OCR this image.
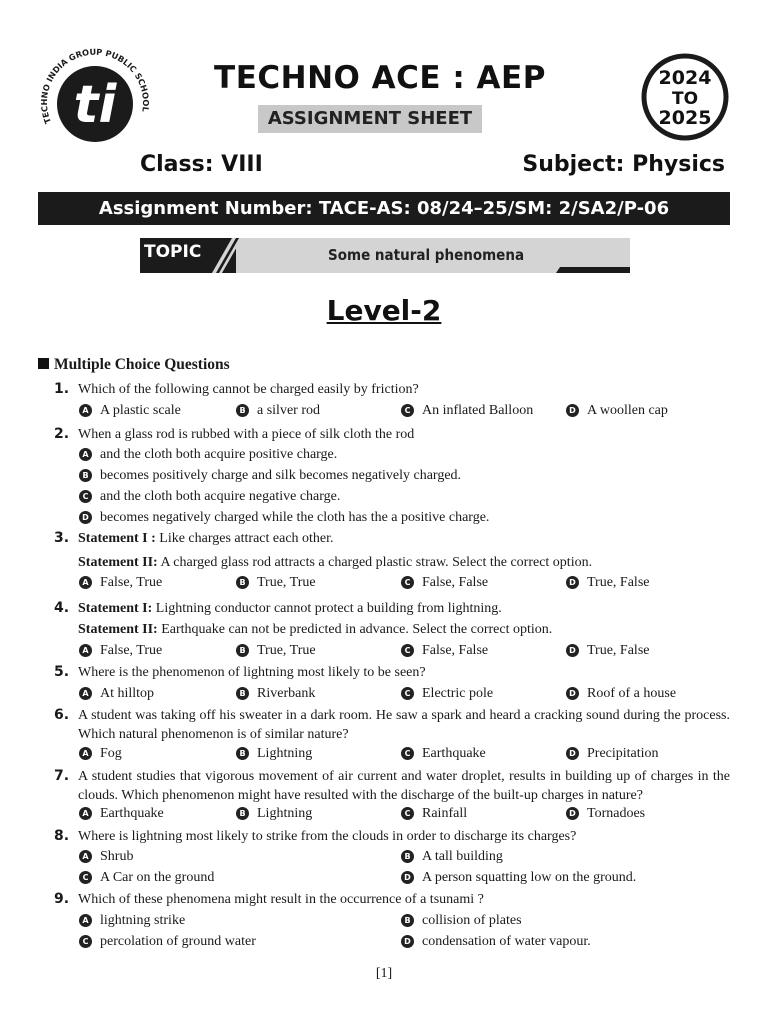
ti
TECHNO INDIA GROUP PUBLIC SCHOOL
TECHNO ACE : AEP
ASSIGNMENT SHEET
2024
TO
2025
Class: VIII	Subject: Physics
Assignment Number: TACE-AS: 08/24–25/SM: 2/SA2/P-06
TOPIC	Some natural phenomena
Level-2
Multiple Choice Questions
1. Which of the following cannot be charged easily by friction?
A A plastic scale	B a silver rod	C An inflated Balloon	D A woollen cap
2. When a glass rod is rubbed with a piece of silk cloth the rod
A and the cloth both acquire positive charge.
B becomes positively charge and silk becomes negatively charged.
C and the cloth both acquire negative charge.
D becomes negatively charged while the cloth has the a positive charge.
3. Statement I : Like charges attract each other.
Statement II: A charged glass rod attracts a charged plastic straw. Select the correct option.
A False, True	B True, True	C False, False	D True, False
4. Statement I: Lightning conductor cannot protect a building from lightning.
Statement II: Earthquake can not be predicted in advance. Select the correct option.
A False, True	B True, True	C False, False	D True, False
5. Where is the phenomenon of lightning most likely to be seen?
A At hilltop	B Riverbank	C Electric pole	D Roof of a house
6. A student was taking off his sweater in a dark room. He saw a spark and heard a cracking sound during the process. Which natural phenomenon is of similar nature?
A Fog	B Lightning	C Earthquake	D Precipitation
7. A student studies that vigorous movement of air current and water droplet, results in building up of charges in the clouds. Which phenomenon might have resulted with the discharge of the built-up charges in nature?
A Earthquake	B Lightning	C Rainfall	D Tornadoes
8. Where is lightning most likely to strike from the clouds in order to discharge its charges?
A Shrub	B A tall building
C A Car on the ground	D A person squatting low on the ground.
9. Which of these phenomena might result in the occurrence of a tsunami ?
A lightning strike	B collision of plates
C percolation of ground water	D condensation of water vapour.
[1]
